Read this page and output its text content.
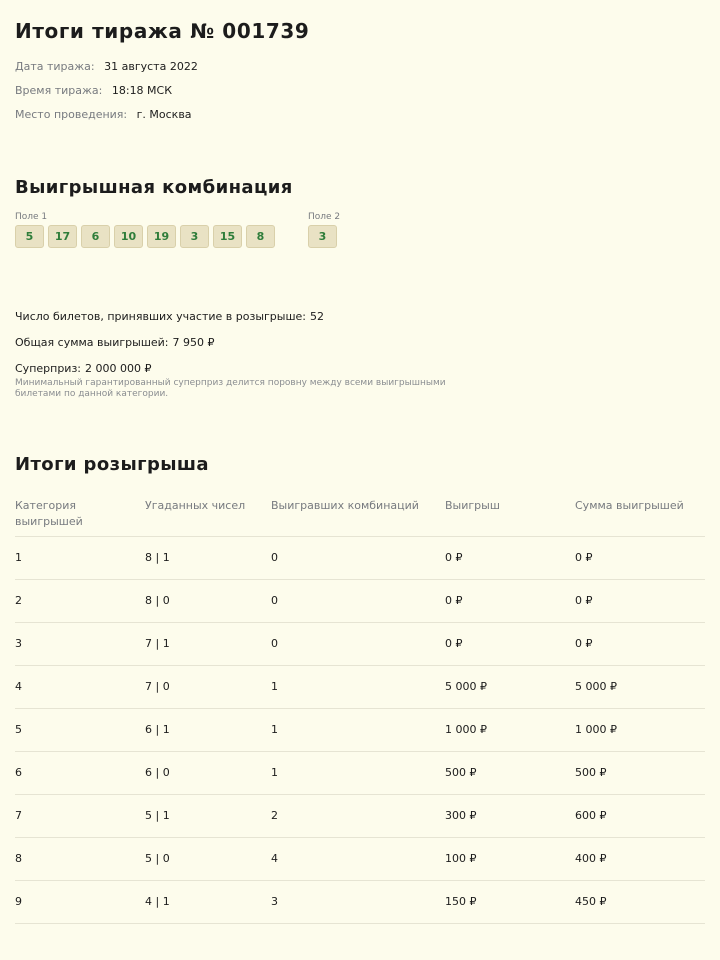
Итоги тиража № 001739
Дата тиража: 31 августа 2022
Время тиража: 18:18 МСК
Место проведения: г. Москва
Выигрышная комбинация
Поле 1
5	17	6	10	19	3	15	8
Поле 2
3
Число билетов, принявших участие в розыгрыше: 52
Общая сумма выигрышей: 7 950 ₽
Суперприз: 2 000 000 ₽
Минимальный гарантированный суперприз делится поровну между всеми выигрышными билетами по данной категории.
Итоги розыгрыша
Категория выигрышей	Угаданных чисел	Выигравших комбинаций	Выигрыш	Сумма выигрышей
1	8 | 1	0	0 ₽	0 ₽
2	8 | 0	0	0 ₽	0 ₽
3	7 | 1	0	0 ₽	0 ₽
4	7 | 0	1	5 000 ₽	5 000 ₽
5	6 | 1	1	1 000 ₽	1 000 ₽
6	6 | 0	1	500 ₽	500 ₽
7	5 | 1	2	300 ₽	600 ₽
8	5 | 0	4	100 ₽	400 ₽
9	4 | 1	3	150 ₽	450 ₽
